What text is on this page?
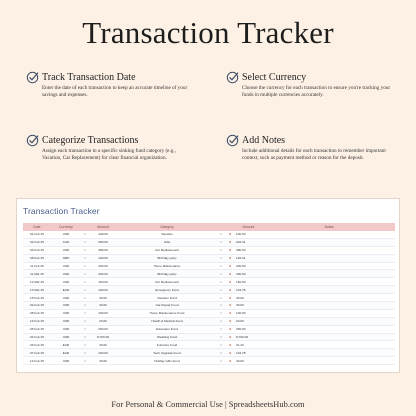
Transaction Tracker
Track Transaction Date
Enter the date of each transaction to keep an accurate timeline of your savings and expenses.
Select Currency
Choose the currency for each transaction to ensure you're tracking your funds in multiple currencies accurately.
Categorize Transactions
Assign each transaction to a specific sinking fund category (e.g., Vacation, Car Replacement) for clear financial organization.
Add Notes
Include additional details for each transaction to remember important context, such as payment method or reason for the deposit.
Transaction Tracker
Date	Currency	Amount	Category	Amount	Notes
01 Feb 25	USD	▾	100.00	Vacation	▾	$	100.00
02 Feb 25	CAD	▾	280.00	Gifts	▾	$	202.41
03 Feb 25	USD	▾	380.00	Car Replacement	▾	$	380.00
08 Feb 25	GBP	▾	100.00	Birthday party	▾	$	126.31
11 Feb 25	USD	▾	200.00	Home Maintenance	▾	$	200.00
11 Mar 25	USD	▾	400.00	Birthday party	▾	$	400.00
12 Mar 25	USD	▾	160.00	Car Replacement	▾	$	160.00
13 Mar 25	EUR	▾	100.00	Emergency Fund	▾	$	104.78
15 Feb 25	USD	▾	30.00	Vacation Fund	▾	$	30.00
02 Feb 25	USD	▾	30.00	Car Repair Fund	▾	$	30.00
08 Feb 25	USD	▾	100.00	Home Maintenance Fund	▾	$	100.00
10 Feb 25	USD	▾	20.00	Health & Medical Fund	▾	$	20.00
05 Feb 25	USD	▾	250.00	Education Fund	▾	$	250.00
04 Feb 25	USD	▾	8,700.00	Wedding Fund	▾	$	8,700.00
03 Feb 25	EUR	▾	30.00	Furniture Fund	▾	$	31.43
07 Feb 25	EUR	▾	100.00	Tech Upgrade Fund	▾	$	104.78
14 Feb 25	USD	▾	40.00	Holiday Gifts Fund	▾	$	40.00
For Personal & Commercial Use | SpreadsheetsHub.com
